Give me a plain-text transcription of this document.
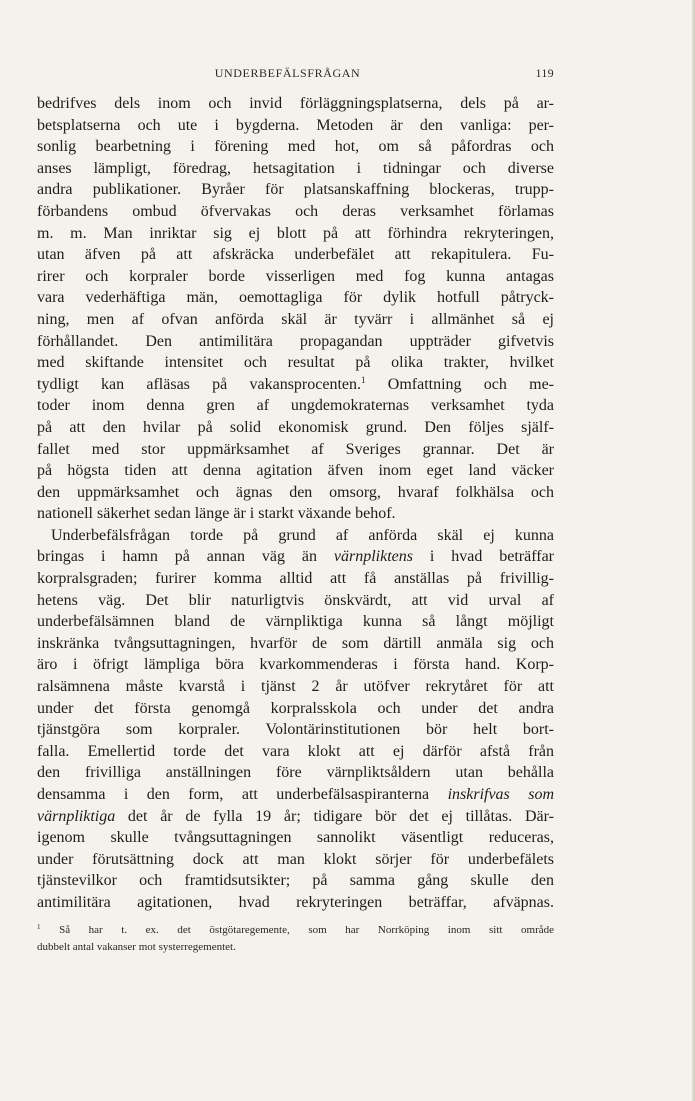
UNDERBEFÄLSFRÅGAN	119
bedrifves dels inom och invid förläggningsplatserna, dels på ar-
betsplatserna och ute i bygderna. Metoden är den vanliga: per-
sonlig bearbetning i förening med hot, om så påfordras och
anses lämpligt, föredrag, hetsagitation i tidningar och diverse
andra publikationer. Byråer för platsanskaffning blockeras, trupp-
förbandens ombud öfvervakas och deras verksamhet förlamas
m. m. Man inriktar sig ej blott på att förhindra rekryteringen,
utan äfven på att afskräcka underbefälet att rekapitulera. Fu-
rirer och korpraler borde visserligen med fog kunna antagas
vara vederhäftiga män, oemottagliga för dylik hotfull påtryck-
ning, men af ofvan anförda skäl är tyvärr i allmänhet så ej
förhållandet. Den antimilitära propagandan uppträder gifvetvis
med skiftande intensitet och resultat på olika trakter, hvilket
tydligt kan afläsas på vakansprocenten.$^1$ Omfattning och me-
toder inom denna gren af ungdemokraternas verksamhet tyda
på att den hvilar på solid ekonomisk grund. Den följes själf-
fallet med stor uppmärksamhet af Sveriges grannar. Det är
på högsta tiden att denna agitation äfven inom eget land väcker
den uppmärksamhet och ägnas den omsorg, hvaraf folkhälsa och
nationell säkerhet sedan länge är i starkt växande behof.
Underbefälsfrågan torde på grund af anförda skäl ej kunna
bringas i hamn på annan väg än värnpliktens i hvad beträffar
korpralsgraden; furirer komma alltid att få anställas på frivillig-
hetens väg. Det blir naturligtvis önskvärdt, att vid urval af
underbefälsämnen bland de värnpliktiga kunna så långt möjligt
inskränka tvångsuttagningen, hvarför de som därtill anmäla sig och
äro i öfrigt lämpliga böra kvarkommenderas i första hand. Korp-
ralsämnena måste kvarstå i tjänst 2 år utöfver rekrytåret för att
under det första genomgå korpralsskola och under det andra
tjänstgöra som korpraler. Volontärinstitutionen bör helt bort-
falla. Emellertid torde det vara klokt att ej därför afstå från
den frivilliga anställningen före värnpliktsåldern utan behålla
densamma i den form, att underbefälsaspiranterna inskrifvas som
värnpliktiga det år de fylla 19 år; tidigare bör det ej tillåtas. Där-
igenom skulle tvångsuttagningen sannolikt väsentligt reduceras,
under förutsättning dock att man klokt sörjer för underbefälets
tjänstevilkor och framtidsutsikter; på samma gång skulle den
antimilitära agitationen, hvad rekryteringen beträffar, afväpnas.
$^1$ Så har t. ex. det östgötaregemente, som har Norrköping inom sitt område
dubbelt antal vakanser mot systerregementet.
